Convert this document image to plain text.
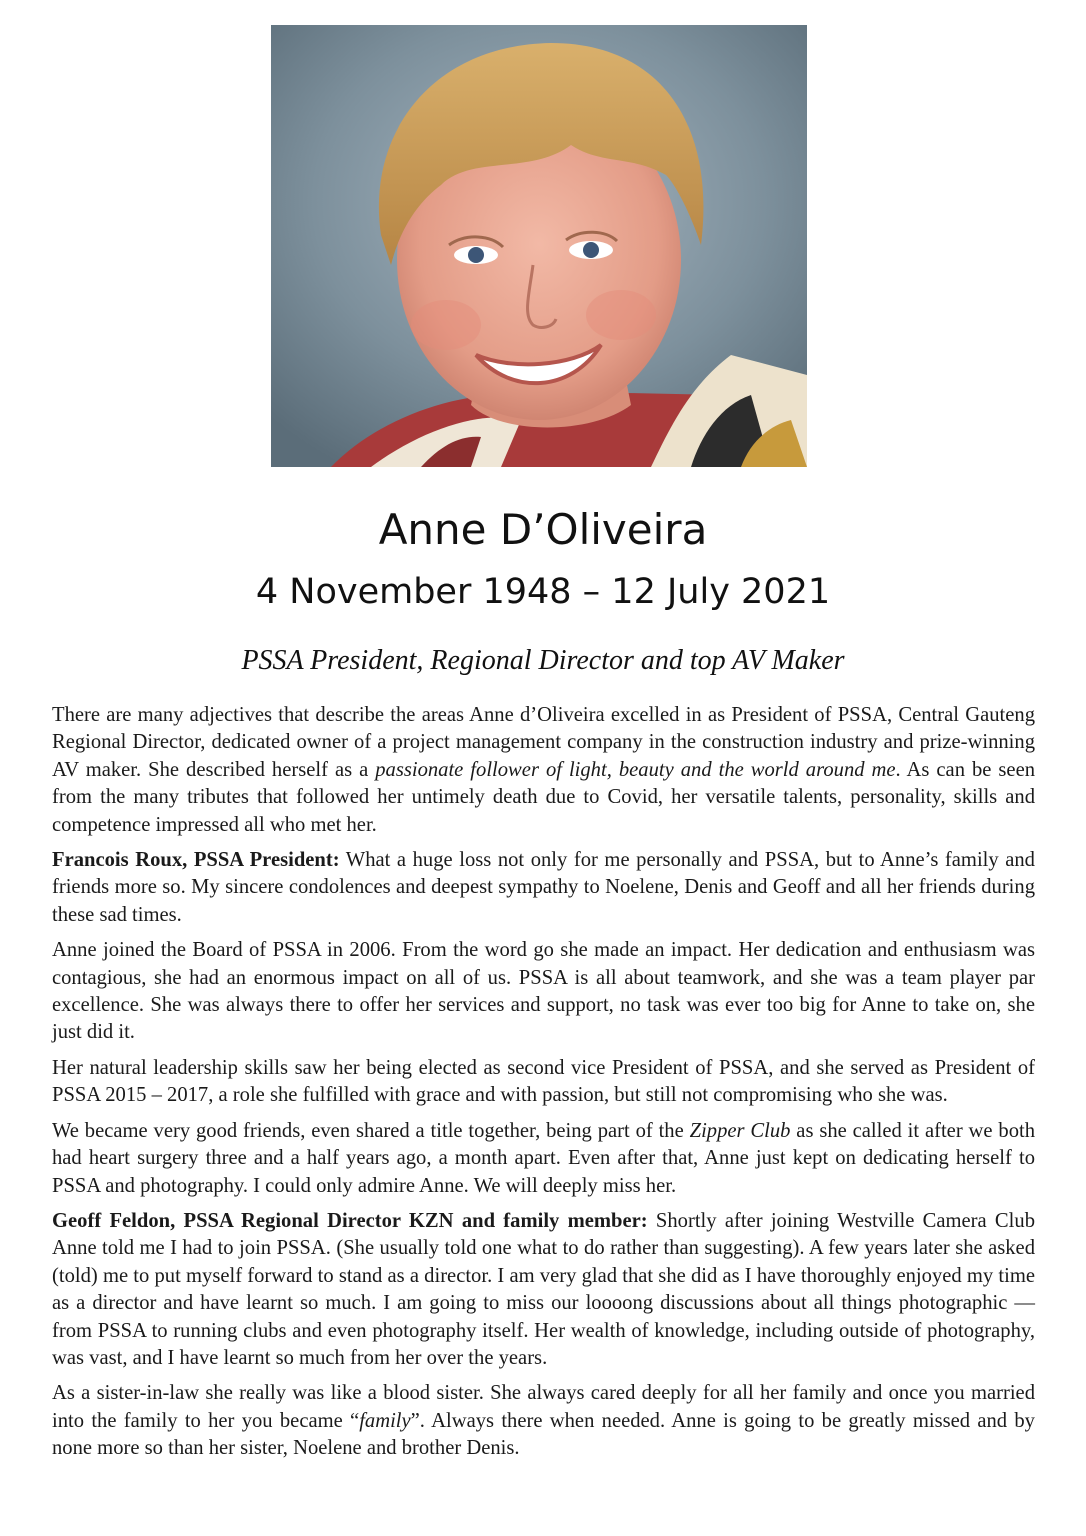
Anne D’Oliveira
4 November 1948 – 12 July 2021
PSSA President, Regional Director and top AV Maker

There are many adjectives that describe the areas Anne d’Oliveira excelled in as President of PSSA, Central Gauteng Regional Director, dedicated owner of a project management company in the construction industry and prize-winning AV maker. She described herself as a passionate follower of light, beauty and the world around me. As can be seen from the many tributes that followed her untimely death due to Covid, her versatile talents, personality, skills and competence impressed all who met her.

Francois Roux, PSSA President: What a huge loss not only for me personally and PSSA, but to Anne’s family and friends more so. My sincere condolences and deepest sympathy to Noelene, Denis and Geoff and all her friends during these sad times.

Anne joined the Board of PSSA in 2006. From the word go she made an impact. Her dedication and enthusiasm was contagious, she had an enormous impact on all of us. PSSA is all about teamwork, and she was a team player par excellence. She was always there to offer her services and support, no task was ever too big for Anne to take on, she just did it.

Her natural leadership skills saw her being elected as second vice President of PSSA, and she served as President of PSSA 2015 – 2017, a role she fulfilled with grace and with passion, but still not compromising who she was.

We became very good friends, even shared a title together, being part of the Zipper Club as she called it after we both had heart surgery three and a half years ago, a month apart. Even after that, Anne just kept on dedicating herself to PSSA and photography. I could only admire Anne. We will deeply miss her.

Geoff Feldon, PSSA Regional Director KZN and family member: Shortly after joining Westville Camera Club Anne told me I had to join PSSA. (She usually told one what to do rather than suggesting). A few years later she asked (told) me to put myself forward to stand as a director. I am very glad that she did as I have thoroughly enjoyed my time as a director and have learnt so much. I am going to miss our loooong discussions about all things photographic — from PSSA to running clubs and even photography itself. Her wealth of knowledge, including outside of photography, was vast, and I have learnt so much from her over the years.

As a sister-in-law she really was like a blood sister. She always cared deeply for all her family and once you married into the family to her you became “family”. Always there when needed. Anne is going to be greatly missed and by none more so than her sister, Noelene and brother Denis.
